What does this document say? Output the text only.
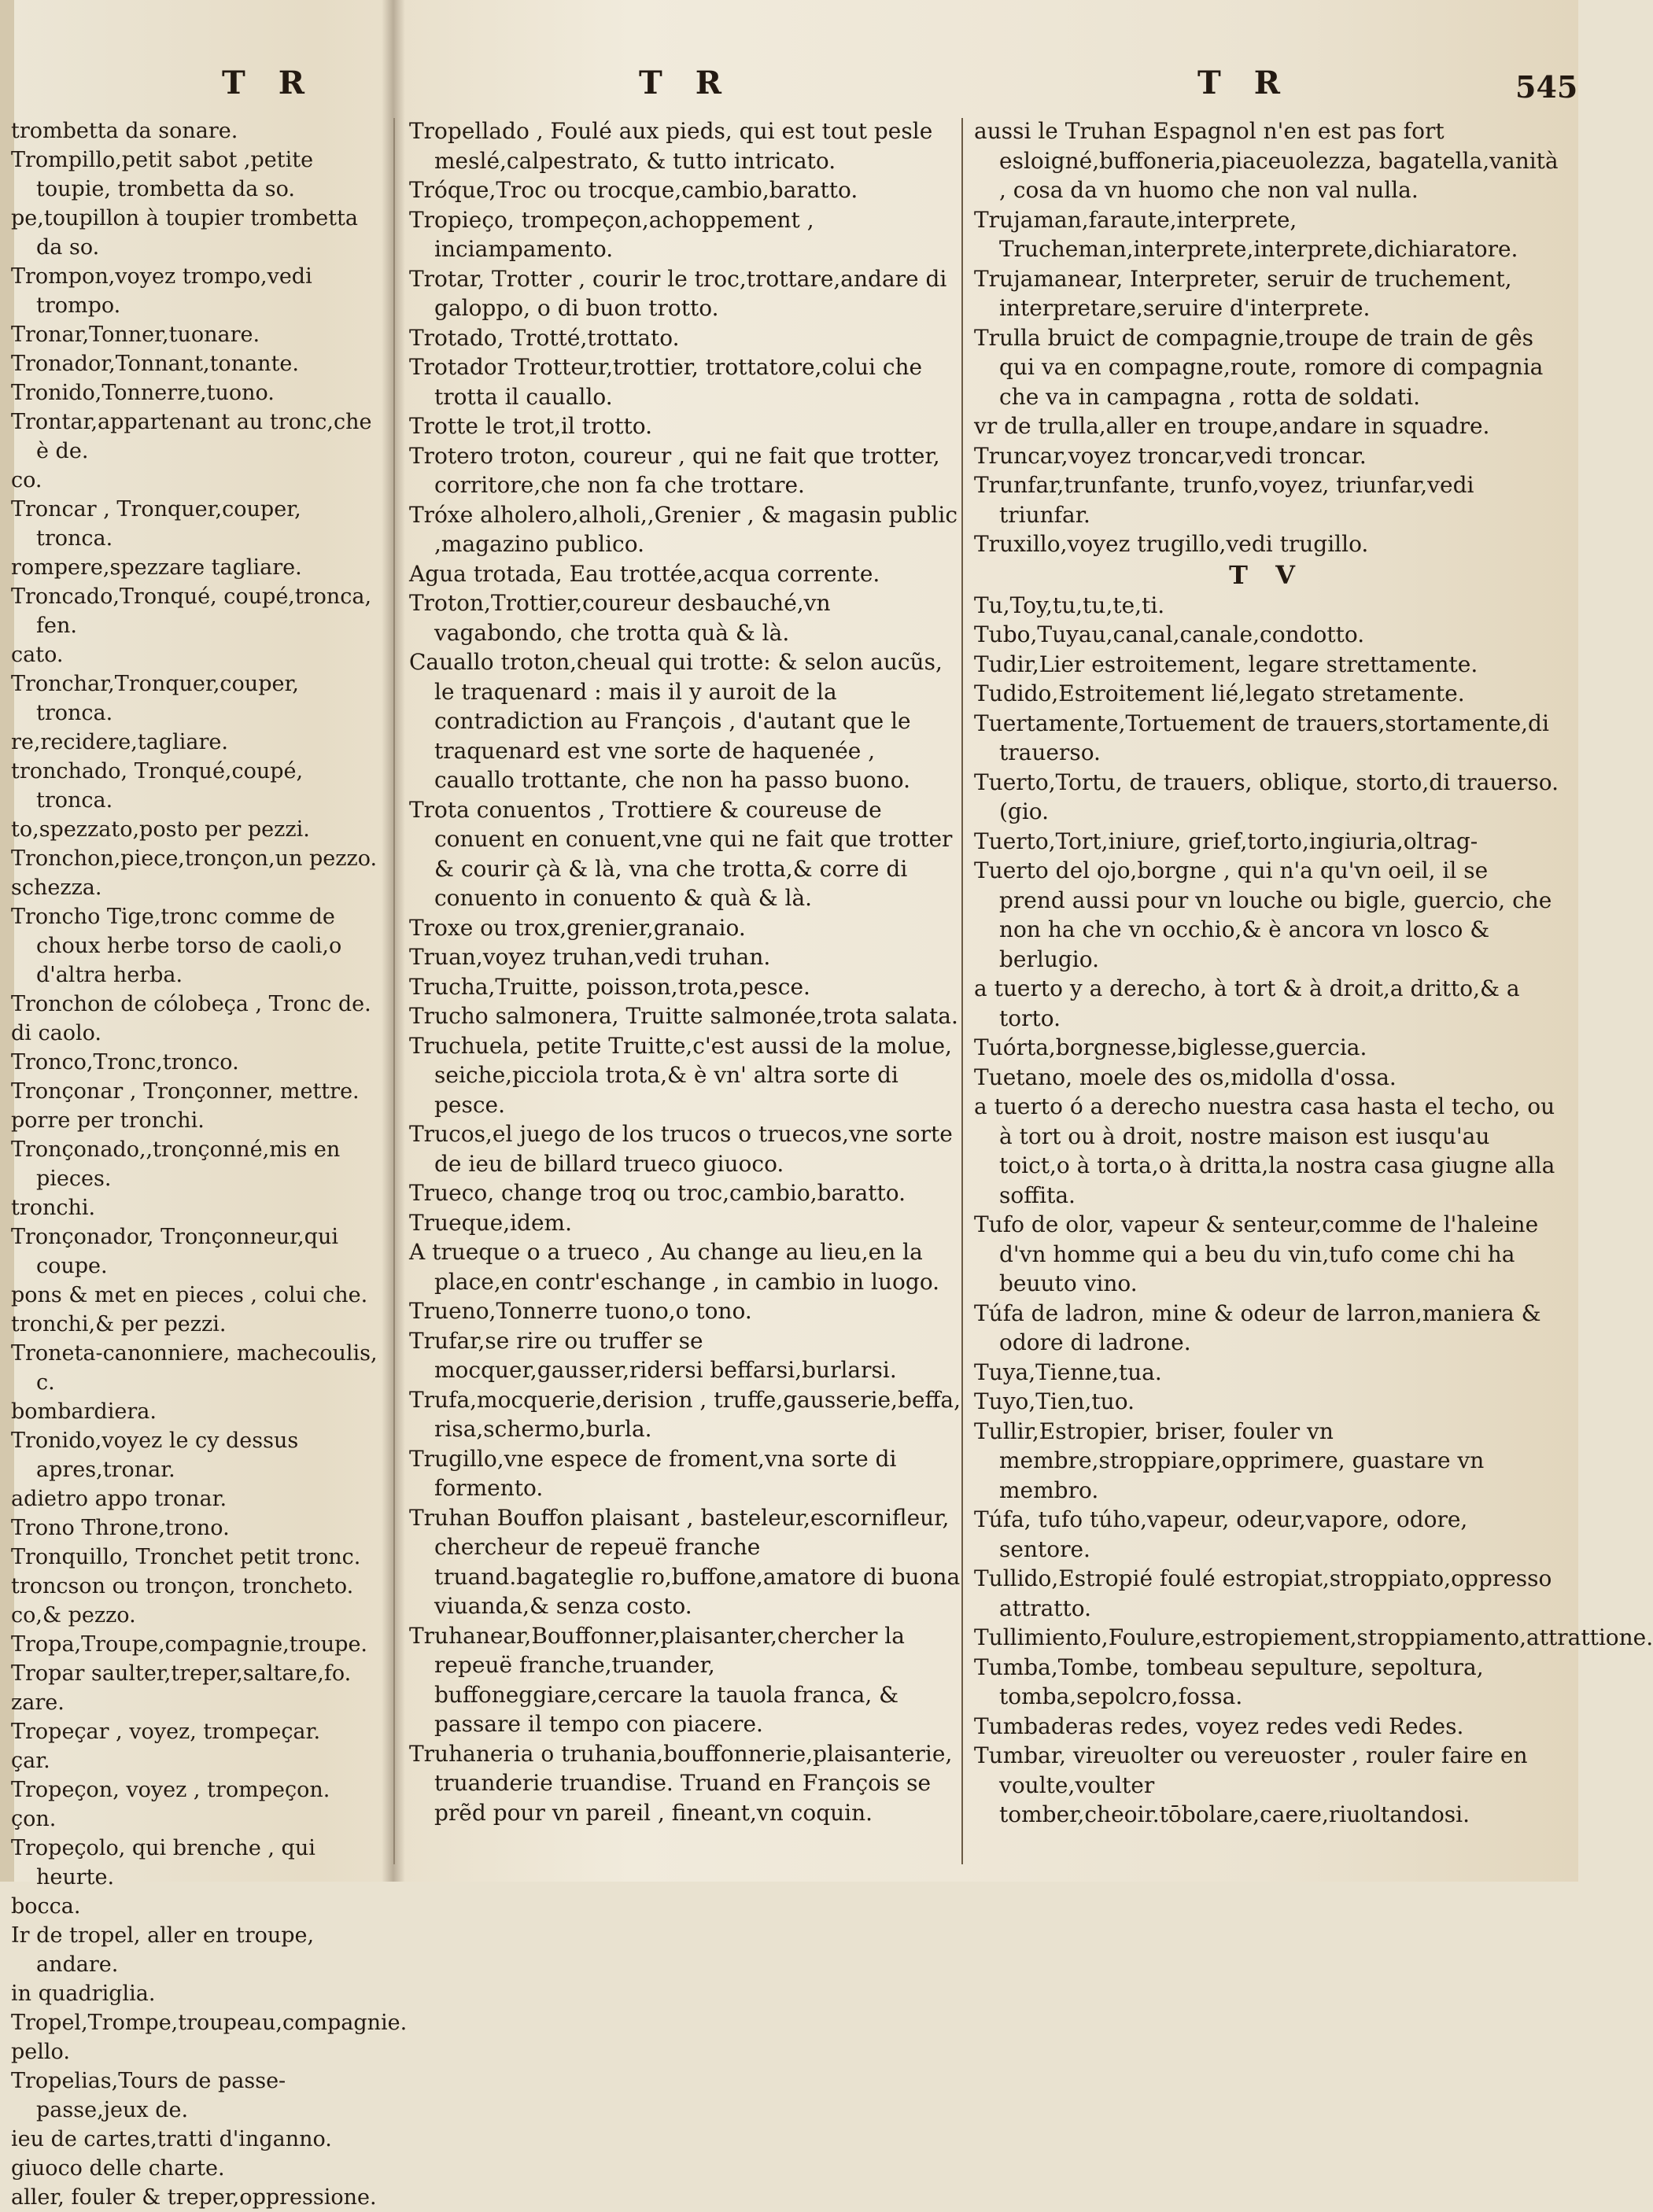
545
T R
trombetta da sonare.
Trompillo,petit sabot ,petite toupie, trombetta da so.
pe,toupillon à toupier trombetta da so.
Trompon,voyez trompo,vedi trompo.
Tronar,Tonner,tuonare.
Tronador,Tonnant,tonante.
Tronido,Tonnerre,tuono.
Trontar,appartenant au tronc,che è de.
co.
Troncar , Tronquer,couper, tronca.
rompere,spezzare tagliare.
Troncado,Tronqué, coupé,tronca, fen.
cato.
Tronchar,Tronquer,couper, tronca.
re,recidere,tagliare.
tronchado, Tronqué,coupé, tronca.
to,spezzato,posto per pezzi.
Tronchon,piece,tronçon,un pezzo.
schezza.
Troncho Tige,tronc comme de choux herbe torso de caoli,o d'altra herba.
Tronchon de cólobeça , Tronc de.
di caolo.
Tronco,Tronc,tronco.
Tronçonar , Tronçonner, mettre.
porre per tronchi.
Tronçonado,,tronçonné,mis en pieces.
tronchi.
Tronçonador, Tronçonneur,qui coupe.
pons & met en pieces , colui che.
tronchi,& per pezzi.
Troneta-canonniere, machecoulis, c.
bombardiera.
Tronido,voyez le cy dessus apres,tronar.
adietro appo tronar.
Trono Throne,trono.
Tronquillo, Tronchet petit tronc.
troncson ou tronçon, troncheto.
co,& pezzo.
Tropa,Troupe,compagnie,troupe.
Tropar saulter,treper,saltare,fo.
zare.
Tropeçar , voyez, trompeçar.
çar.
Tropeçon, voyez , trompeçon.
çon.
Tropeçolo, qui brenche , qui heurte.
bocca.
Ir de tropel, aller en troupe, andare.
in quadriglia.
Tropel,Trompe,troupeau,compagnie.
pello.
Tropelias,Tours de passe-passe,jeux de.
ieu de cartes,tratti d'inganno.
giuoco delle charte.
aller, fouler & treper,oppressione.
T R
Tropellado , Foulé aux pieds, qui est tout pesle meslé,calpestrato, & tutto intricato.
Tróque,Troc ou trocque,cambio,baratto.
Tropieço, trompeçon,achoppement , inciampamento.
Trotar, Trotter , courir le troc,trottare,andare di galoppo, o di buon trotto.
Trotado, Trotté,trottato.
Trotador Trotteur,trottier, trottatore,colui che trotta il cauallo.
Trotte le trot,il trotto.
Trotero troton, coureur , qui ne fait que trotter, corritore,che non fa che trottare.
Tróxe alholero,alholi,,Grenier , & magasin public ,magazino publico.
Agua trotada, Eau trottée,acqua corrente.
Troton,Trottier,coureur desbauché,vn vagabondo, che trotta quà & là.
Cauallo troton,cheual qui trotte: & selon aucũs, le traquenard : mais il y auroit de la contradiction au François , d'autant que le traquenard est vne sorte de haquenée , cauallo trottante, che non ha passo buono.
Trota conuentos , Trottiere & coureuse de conuent en conuent,vne qui ne fait que trotter & courir çà & là, vna che trotta,& corre di conuento in conuento & quà & là.
Troxe ou trox,grenier,granaio.
Truan,voyez truhan,vedi truhan.
Trucha,Truitte, poisson,trota,pesce.
Trucho salmonera, Truitte salmonée,trota salata.
Truchuela, petite Truitte,c'est aussi de la molue, seiche,picciola trota,& è vn' altra sorte di pesce.
Trucos,el juego de los trucos o truecos,vne sorte de ieu de billard trueco giuoco.
Trueco, change troq ou troc,cambio,baratto.
Trueque,idem.
A trueque o a trueco , Au change au lieu,en la place,en contr'eschange , in cambio in luogo.
Trueno,Tonnerre tuono,o tono.
Trufar,se rire ou truffer se mocquer,gausser,ridersi beffarsi,burlarsi.
Trufa,mocquerie,derision , truffe,gausserie,beffa, risa,schermo,burla.
Trugillo,vne espece de froment,vna sorte di formento.
Truhan Bouffon plaisant , basteleur,escornifleur, chercheur de repeuë franche truand.bagateglie ro,buffone,amatore di buona viuanda,& senza costo.
Truhanear,Bouffonner,plaisanter,chercher la repeuë franche,truander, buffoneggiare,cercare la tauola franca, & passare il tempo con piacere.
Truhaneria o truhania,bouffonnerie,plaisanterie, truanderie truandise. Truand en François se prẽd pour vn pareil , fineant,vn coquin.
T R
aussi le Truhan Espagnol n'en est pas fort esloigné,buffoneria,piaceuolezza, bagatella,vanità , cosa da vn huomo che non val nulla.
Trujaman,faraute,interprete, Trucheman,interprete,interprete,dichiaratore.
Trujamanear, Interpreter, seruir de truchement, interpretare,seruire d'interprete.
Trulla bruict de compagnie,troupe de train de gês qui va en compagne,route, romore di compagnia che va in campagna , rotta de soldati.
vr de trulla,aller en troupe,andare in squadre.
Truncar,voyez troncar,vedi troncar.
Trunfar,trunfante, trunfo,voyez, triunfar,vedi triunfar.
Truxillo,voyez trugillo,vedi trugillo.
T V
Tu,Toy,tu,tu,te,ti.
Tubo,Tuyau,canal,canale,condotto.
Tudir,Lier estroitement, legare strettamente.
Tudido,Estroitement lié,legato stretamente.
Tuertamente,Tortuement de trauers,stortamente,di trauerso.
Tuerto,Tortu, de trauers, oblique, storto,di trauerso. (gio.
Tuerto,Tort,iniure, grief,torto,ingiuria,oltrag-
Tuerto del ojo,borgne , qui n'a qu'vn oeil, il se prend aussi pour vn louche ou bigle, guercio, che non ha che vn occhio,& è ancora vn losco & berlugio.
a tuerto y a derecho, à tort & à droit,a dritto,& a torto.
Tuórta,borgnesse,biglesse,guercia.
Tuetano, moele des os,midolla d'ossa.
a tuerto ó a derecho nuestra casa hasta el techo, ou à tort ou à droit, nostre maison est iusqu'au toict,o à torta,o à dritta,la nostra casa giugne alla soffita.
Tufo de olor, vapeur & senteur,comme de l'haleine d'vn homme qui a beu du vin,tufo come chi ha beuuto vino.
Túfa de ladron, mine & odeur de larron,maniera & odore di ladrone.
Tuya,Tienne,tua.
Tuyo,Tien,tuo.
Tullir,Estropier, briser, fouler vn membre,stroppiare,opprimere, guastare vn membro.
Túfa, tufo túho,vapeur, odeur,vapore, odore, sentore.
Tullido,Estropié foulé estropiat,stroppiato,oppresso attratto.
Tullimiento,Foulure,estropiement,stroppiamento,attrattione.
Tumba,Tombe, tombeau sepulture, sepoltura, tomba,sepolcro,fossa.
Tumbaderas redes, voyez redes vedi Redes.
Tumbar, vireuolter ou vereuoster , rouler faire en voulte,voulter tomber,cheoir.tōbolare,caere,riuoltandosi.
